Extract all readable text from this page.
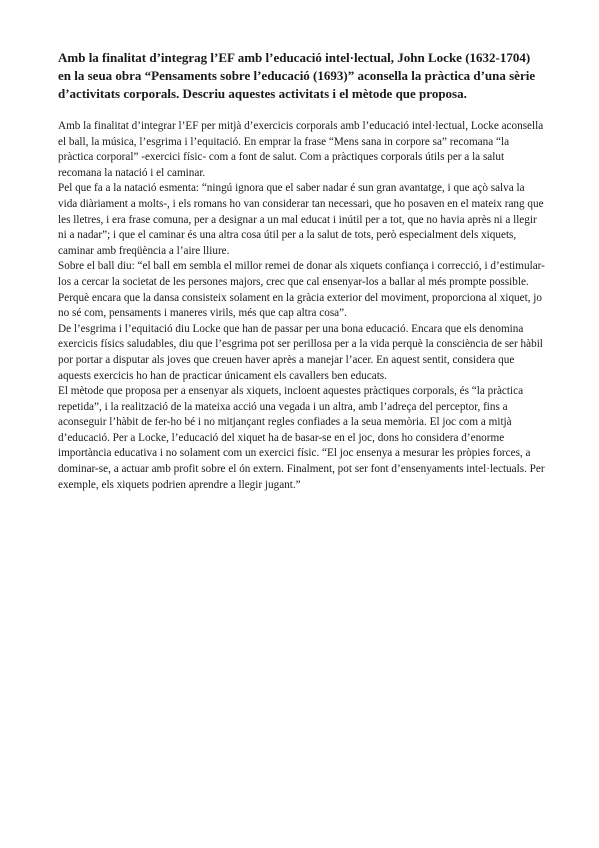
Amb la finalitat d’integrag l’EF amb l’educació intel·lectual, John Locke (1632-1704) en la seua obra “Pensaments sobre l’educació (1693)” aconsella la pràctica d’una sèrie d’activitats corporals. Descriu aquestes activitats i el mètode que proposa.

Amb la finalitat d’integrar l’EF per mitjà d’exercicis corporals amb l’educació intel·lectual, Locke aconsella el ball, la música, l’esgrima i l’equitació. En emprar la frase “Mens sana in corpore sa” recomana “la pràctica corporal” -exercici físic- com a font de salut. Com a pràctiques corporals útils per a la salut recomana la natació i el caminar.

Pel que fa a la natació esmenta: “ningú ignora que el saber nadar é sun gran avantatge, i que açò salva la vida diàriament a molts-, i els romans ho van considerar tan necessari, que ho posaven en el mateix rang que les lletres, i era frase comuna, per a designar a un mal educat i inútil per a tot, que no havia après ni a llegir ni a nadar”; i que el caminar és una altra cosa útil per a la salut de tots, però especialment dels xiquets, caminar amb freqüència a l’aire lliure.

Sobre el ball diu: “el ball em sembla el millor remei de donar als xiquets confiança i correcció, i d’estimular-los a cercar la societat de les persones majors, crec que cal ensenyar-los a ballar al més prompte possible. Perquè encara que la dansa consisteix solament en la gràcia exterior del moviment, proporciona al xiquet, jo no sé com, pensaments i maneres virils, més que cap altra cosa”.

De l’esgrima i l’equitació diu Locke que han de passar per una bona educació. Encara que els denomina exercicis físics saludables, diu que l’esgrima pot ser perillosa per a la vida perquè la consciència de ser hàbil por portar a disputar als joves que creuen haver après a manejar l’acer. En aquest sentit, considera que aquests exercicis ho han de practicar únicament els cavallers ben educats.

El mètode que proposa per a ensenyar als xiquets, incloent aquestes pràctiques corporals, és “la pràctica repetida”, i la realització de la mateixa acció una vegada i un altra, amb l’adreça del perceptor, fins a aconseguir l’hàbit de fer-ho bé i no mitjançant regles confiades a la seua memòria. El joc com a mitjà d’educació. Per a Locke, l’educació del xiquet ha de basar-se en el joc, dons ho considera d’enorme importància educativa i no solament com un exercici físic. “El joc ensenya a mesurar les pròpies forces, a dominar-se, a actuar amb profit sobre el ón extern. Finalment, pot ser font d’ensenyaments intel·lectuals. Per exemple, els xiquets podrien aprendre a llegir jugant.”
